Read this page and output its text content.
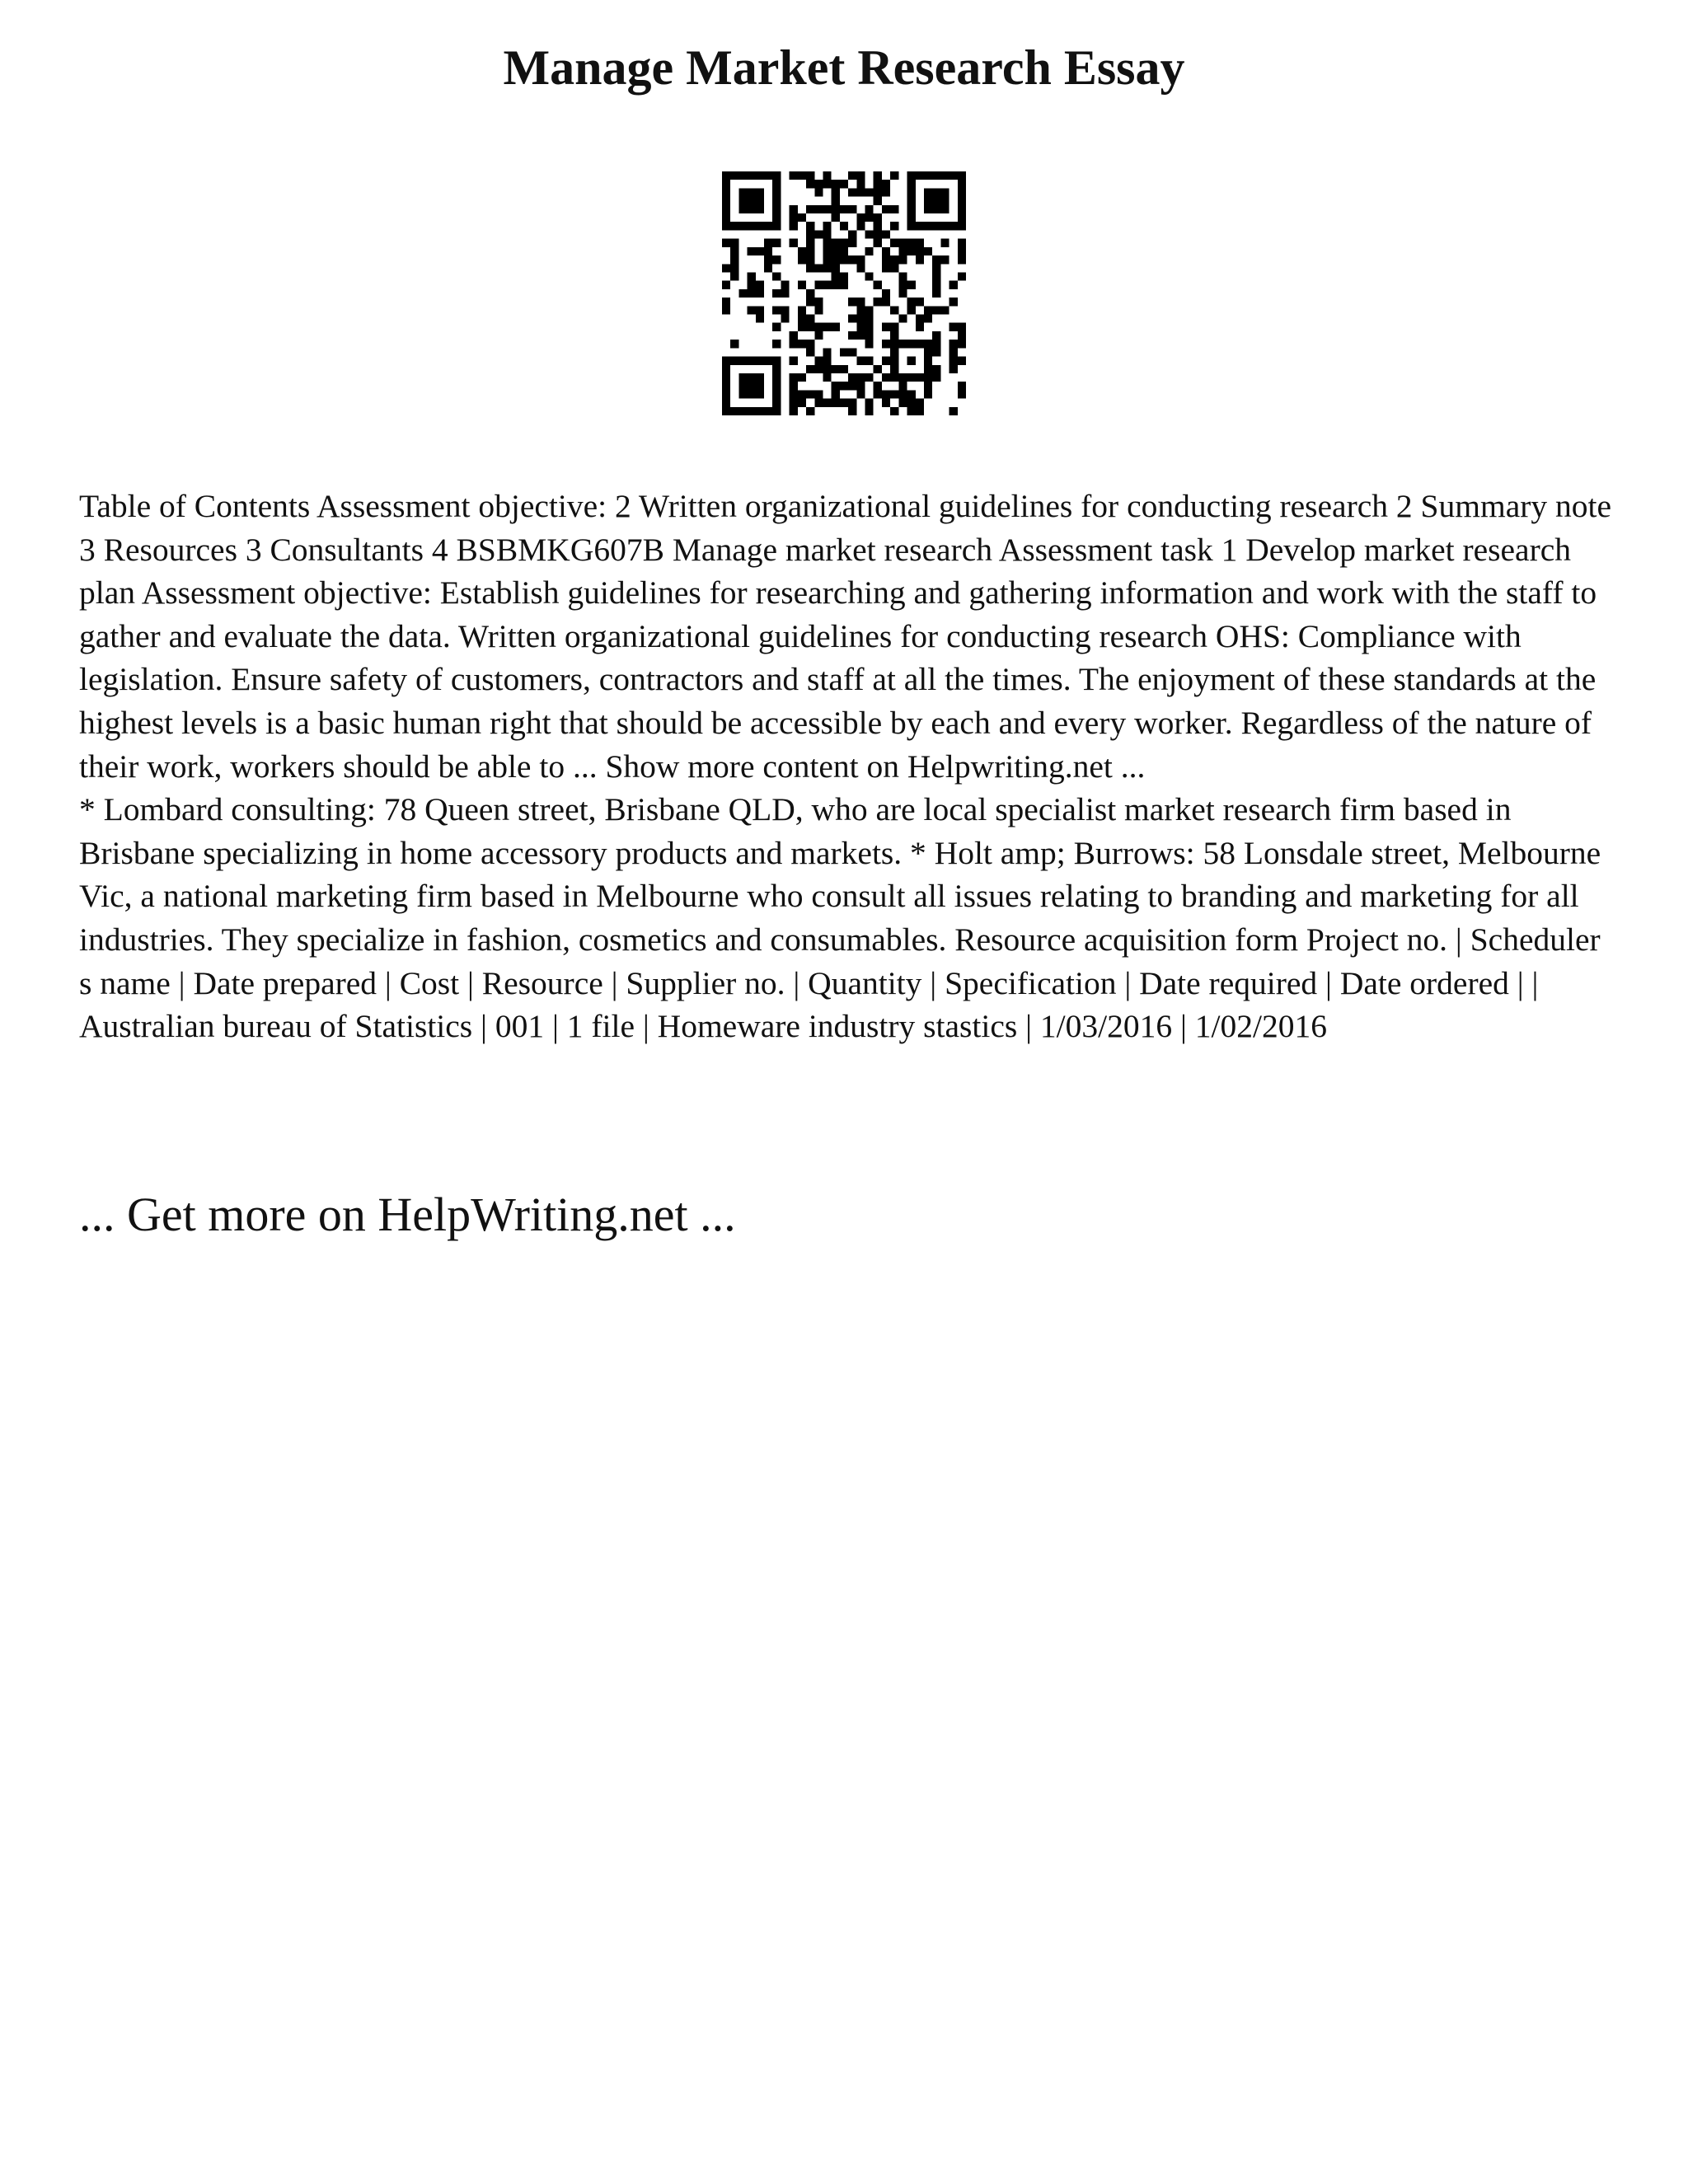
Manage Market Research Essay

Table of Contents Assessment objective: 2 Written organizational guidelines for conducting research 2 Summary note 3 Resources 3 Consultants 4 BSBMKG607B Manage market research Assessment task 1 Develop market research plan Assessment objective: Establish guidelines for researching and gathering information and work with the staff to gather and evaluate the data. Written organizational guidelines for conducting research OHS: Compliance with legislation. Ensure safety of customers, contractors and staff at all the times. The enjoyment of these standards at the highest levels is a basic human right that should be accessible by each and every worker. Regardless of the nature of their work, workers should be able to ... Show more content on Helpwriting.net ...

* Lombard consulting: 78 Queen street, Brisbane QLD, who are local specialist market research firm based in Brisbane specializing in home accessory products and markets. * Holt amp; Burrows: 58 Lonsdale street, Melbourne Vic, a national marketing firm based in Melbourne who consult all issues relating to branding and marketing for all industries. They specialize in fashion, cosmetics and consumables. Resource acquisition form Project no. | Scheduler s name | Date prepared | Cost | Resource | Supplier no. | Quantity | Specification | Date required | Date ordered | | Australian bureau of Statistics | 001 | 1 file | Homeware industry stastics | 1/03/2016 | 1/02/2016

... Get more on HelpWriting.net ...
